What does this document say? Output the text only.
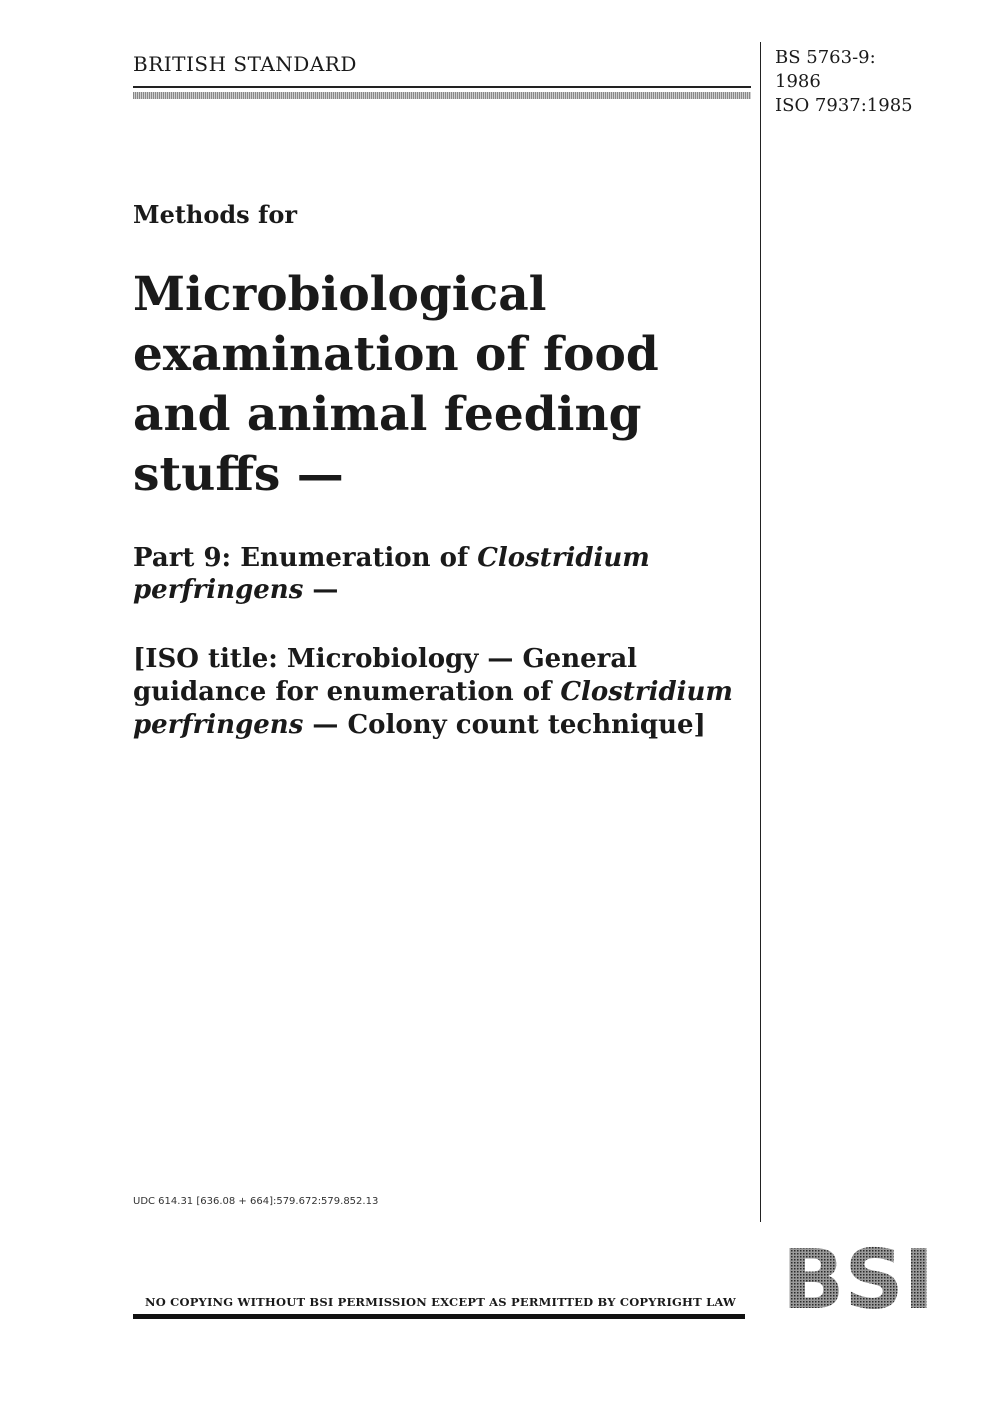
BRITISH STANDARD	BS 5763-9:
1986
ISO 7937:1985
Methods for
Microbiological examination of food and animal feeding stuffs —
Part 9: Enumeration of Clostridium perfringens —
[ISO title: Microbiology — General guidance for enumeration of Clostridium perfringens — Colony count technique]
UDC 614.31 [636.08 + 664]:579.672:579.852.13
NO COPYING WITHOUT BSI PERMISSION EXCEPT AS PERMITTED BY COPYRIGHT LAW BSI
